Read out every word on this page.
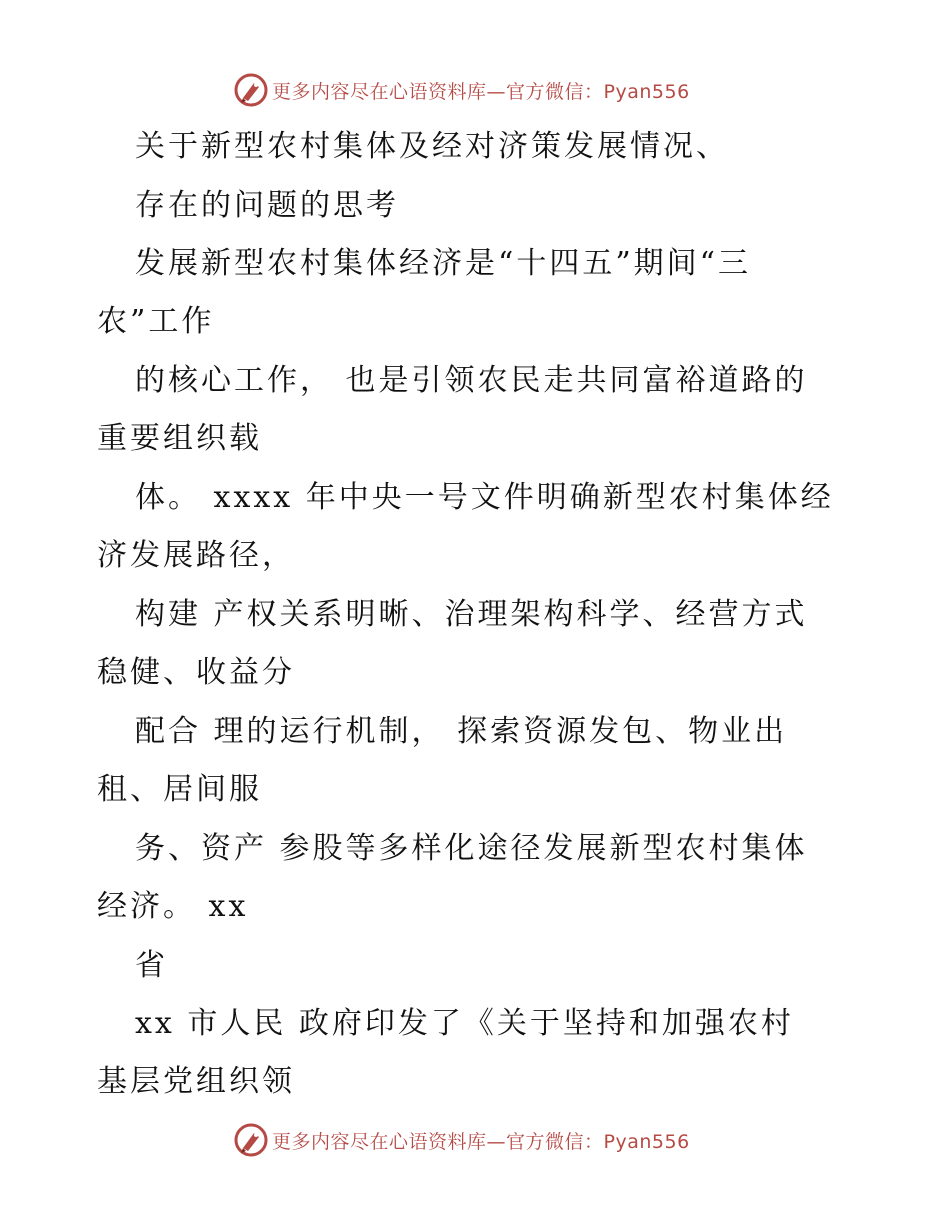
更多内容尽在心语资料库—官方微信：Pyan556
关于新型农村集体及经对济策发展情况、
存在的问题的思考
发展新型农村集体经济是“十四五”期间“三
农”工作
的核心工作， 也是引领农民走共同富裕道路的
重要组织载
体。 xxxx 年中央一号文件明确新型农村集体经
济发展路径，
构建 产权关系明晰、治理架构科学、经营方式
稳健、收益分
配合 理的运行机制， 探索资源发包、物业出
租、居间服
务、资产 参股等多样化途径发展新型农村集体
经济。 xx
省
xx 市人民 政府印发了《关于坚持和加强农村
基层党组织领
更多内容尽在心语资料库—官方微信：Pyan556
